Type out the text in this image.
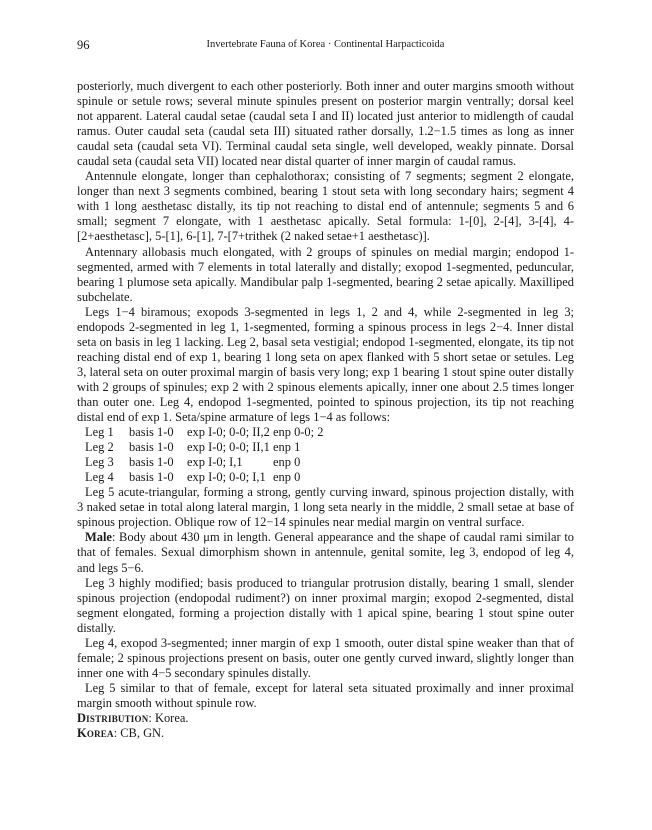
96	Invertebrate Fauna of Korea · Continental Harpacticoida

posteriorly, much divergent to each other posteriorly. Both inner and outer margins smooth without spinule or setule rows; several minute spinules present on posterior margin ventrally; dorsal keel not apparent. Lateral caudal setae (caudal seta I and II) located just anterior to midlength of caudal ramus. Outer caudal seta (caudal seta III) situated rather dorsally, 1.2−1.5 times as long as inner caudal seta (caudal seta VI). Terminal caudal seta single, well developed, weakly pinnate. Dorsal caudal seta (caudal seta VII) located near distal quarter of inner margin of caudal ramus.

Antennule elongate, longer than cephalothorax; consisting of 7 segments; segment 2 elongate, longer than next 3 segments combined, bearing 1 stout seta with long secondary hairs; segment 4 with 1 long aesthetasc distally, its tip not reaching to distal end of antennule; segments 5 and 6 small; segment 7 elongate, with 1 aesthetasc apically. Setal formula: 1-[0], 2-[4], 3-[4], 4-[2+aesthetasc], 5-[1], 6-[1], 7-[7+trithek (2 naked setae+1 aesthetasc)].

Antennary allobasis much elongated, with 2 groups of spinules on medial margin; endopod 1-segmented, armed with 7 elements in total laterally and distally; exopod 1-segmented, peduncular, bearing 1 plumose seta apically. Mandibular palp 1-segmented, bearing 2 setae apically. Maxilliped subchelate.

Legs 1−4 biramous; exopods 3-segmented in legs 1, 2 and 4, while 2-segmented in leg 3; endopods 2-segmented in leg 1, 1-segmented, forming a spinous process in legs 2−4. Inner distal seta on basis in leg 1 lacking. Leg 2, basal seta vestigial; endopod 1-segmented, elongate, its tip not reaching distal end of exp 1, bearing 1 long seta on apex flanked with 5 short setae or setules. Leg 3, lateral seta on outer proximal margin of basis very long; exp 1 bearing 1 stout spine outer distally with 2 groups of spinules; exp 2 with 2 spinous elements apically, inner one about 2.5 times longer than outer one. Leg 4, endopod 1-segmented, pointed to spinous projection, its tip not reaching distal end of exp 1. Seta/spine armature of legs 1−4 as follows:

Leg 1	basis 1-0	exp I-0; 0-0; II,2 enp 0-0; 2
Leg 2	basis 1-0	exp I-0; 0-0; II,1 enp 1
Leg 3	basis 1-0	exp I-0; I,1	enp 0
Leg 4	basis 1-0	exp I-0; 0-0; I,1 enp 0

Leg 5 acute-triangular, forming a strong, gently curving inward, spinous projection distally, with 3 naked setae in total along lateral margin, 1 long seta nearly in the middle, 2 small setae at base of spinous projection. Oblique row of 12−14 spinules near medial margin on ventral surface.

Male: Body about 430 μm in length. General appearance and the shape of caudal rami similar to that of females. Sexual dimorphism shown in antennule, genital somite, leg 3, endopod of leg 4, and legs 5−6.

Leg 3 highly modified; basis produced to triangular protrusion distally, bearing 1 small, slender spinous projection (endopodal rudiment?) on inner proximal margin; exopod 2-segmented, distal segment elongated, forming a projection distally with 1 apical spine, bearing 1 stout spine outer distally.

Leg 4, exopod 3-segmented; inner margin of exp 1 smooth, outer distal spine weaker than that of female; 2 spinous projections present on basis, outer one gently curved inward, slightly longer than inner one with 4−5 secondary spinules distally.

Leg 5 similar to that of female, except for lateral seta situated proximally and inner proximal margin smooth without spinule row.

Distribution: Korea.

Korea: CB, GN.
